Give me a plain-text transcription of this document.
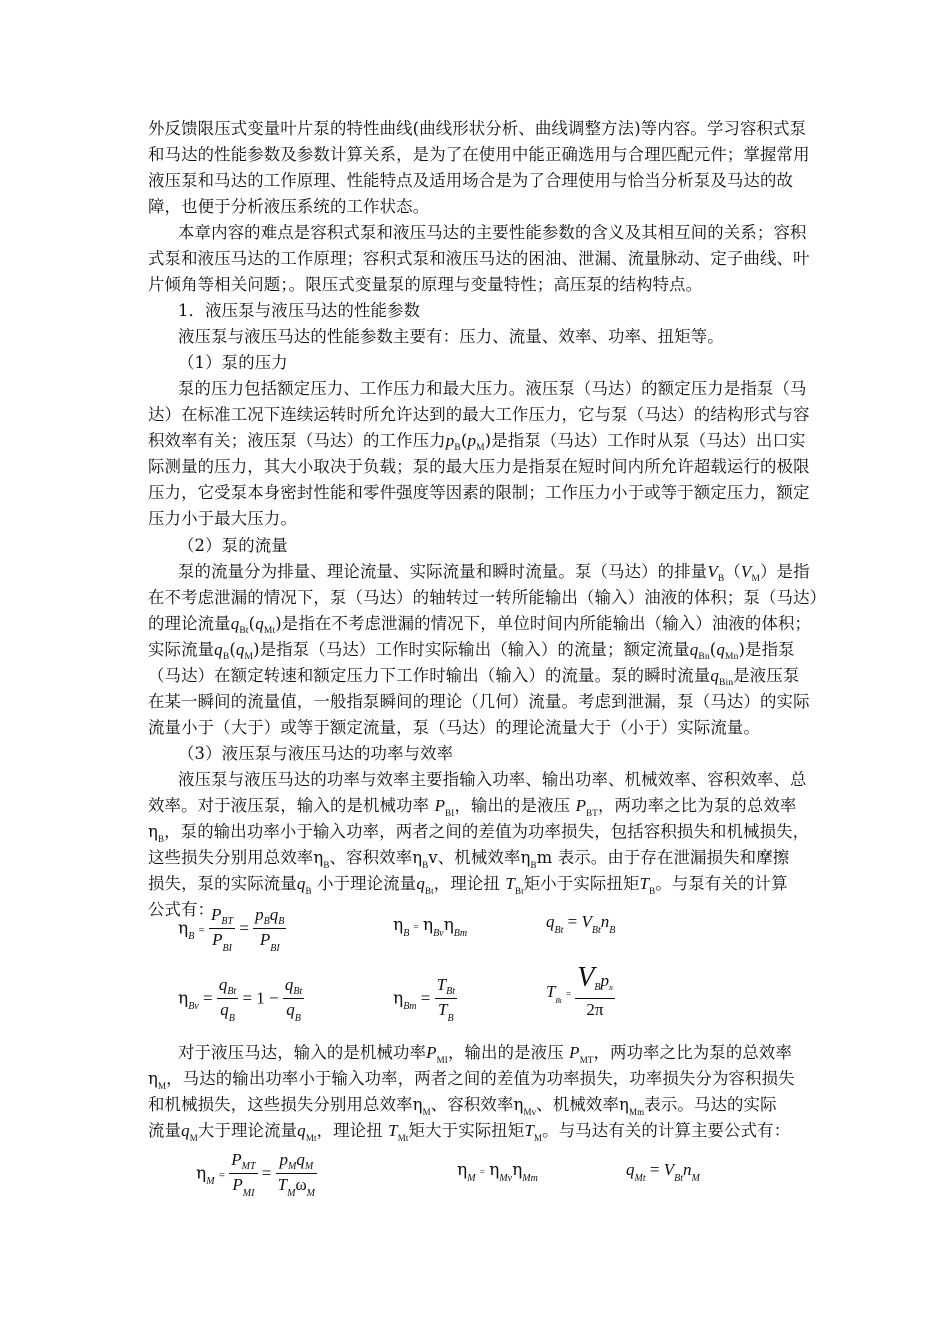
外反馈限压式变量叶片泵的特性曲线(曲线形状分析、曲线调整方法)等内容。学习容积式泵
和马达的性能参数及参数计算关系，是为了在使用中能正确选用与合理匹配元件；掌握常用
液压泵和马达的工作原理、性能特点及适用场合是为了合理使用与恰当分析泵及马达的故
障，也便于分析液压系统的工作状态。
本章内容的难点是容积式泵和液压马达的主要性能参数的含义及其相互间的关系；容积
式泵和液压马达的工作原理；容积式泵和液压马达的困油、泄漏、流量脉动、定子曲线、叶
片倾角等相关问题；。限压式变量泵的原理与变量特性；高压泵的结构特点。
1．液压泵与液压马达的性能参数
液压泵与液压马达的性能参数主要有：压力、流量、效率、功率、扭矩等。
（1）泵的压力
泵的压力包括额定压力、工作压力和最大压力。液压泵（马达）的额定压力是指泵（马
达）在标准工况下连续运转时所允许达到的最大工作压力，它与泵（马达）的结构形式与容
积效率有关；液压泵（马达）的工作压力$p_B(p_M)$是指泵（马达）工作时从泵（马达）出口实
际测量的压力，其大小取决于负载；泵的最大压力是指泵在短时间内所允许超载运行的极限
压力，它受泵本身密封性能和零件强度等因素的限制；工作压力小于或等于额定压力，额定
压力小于最大压力。
（2）泵的流量
泵的流量分为排量、理论流量、实际流量和瞬时流量。泵（马达）的排量$V_B(V_M)$是指
在不考虑泄漏的情况下，泵（马达）的轴转过一转所能输出（输入）油液的体积；泵（马达）
的理论流量$q_{Bt}(q_{Mt})$是指在不考虑泄漏的情况下，单位时间内所能输出（输入）油液的体积；
实际流量$q_B(q_M)$是指泵（马达）工作时实际输出（输入）的流量；额定流量$q_{Bn}(q_{Mn})$是指泵
（马达）在额定转速和额定压力下工作时输出（输入）的流量。泵的瞬时流量$q_{Bin}$是液压泵
在某一瞬间的流量值，一般指泵瞬间的理论（几何）流量。考虑到泄漏，泵（马达）的实际
流量小于（大于）或等于额定流量，泵（马达）的理论流量大于（小于）实际流量。
（3）液压泵与液压马达的功率与效率
液压泵与液压马达的功率与效率主要指输入功率、输出功率、机械效率、容积效率、总
效率。对于液压泵，输入的是机械功率 $P_{BI}$，输出的是液压 $P_{BT}$，两功率之比为泵的总效率
$\eta_B$，泵的输出功率小于输入功率，两者之间的差值为功率损失，包括容积损失和机械损失，
这些损失分别用总效率$\eta_B$、容积效率$\eta_Bv$、机械效率$\eta_Bm$ 表示。由于存在泄漏损失和摩擦
损失，泵的实际流量$q_B$ 小于理论流量$q_{Bt}$，理论扭 $T_{Bt}$矩小于实际扭矩$T_B$。与泵有关的计算
公式有：
$\eta_B = \frac{P_{BT}}{P_{BI}} = \frac{p_Bq_B}{P_{BI}}$	$\eta_B = \eta_{Bv}\eta_{Bm}$
$q_{Bt} = V_{Bt}n_B$
$\eta_{Bv} = \frac{q_{Bt}}{q_B} = 1 - \frac{q_{Bt}}{q_B}$	$\eta_{Bm} = \frac{T_{Bt}}{T_B}$	$T_{Bt} = \frac{V_Bp_B}{2\pi}$
对于液压马达，输入的是机械功率$P_{MI}$，输出的是液压 $P_{MT}$，两功率之比为泵的总效率
$\eta_M$，马达的输出功率小于输入功率，两者之间的差值为功率损失，功率损失分为容积损失
和机械损失，这些损失分别用总效率$\eta_M$、容积效率$\eta_{Mv}$、机械效率$\eta_{Mm}$表示。马达的实际
流量$q_M$大于理论流量$q_{Mt}$，理论扭 $T_{Mt}$矩大于实际扭矩$T_M$。与马达有关的计算主要公式有：
$\eta_M = \frac{P_{MT}}{P_{MI}} = \frac{p_Mq_M}{T_M\omega_M}$	$\eta_M = \eta_{Mv}\eta_{Mm}$	$q_{Mt} = V_{Bt}n_M$
